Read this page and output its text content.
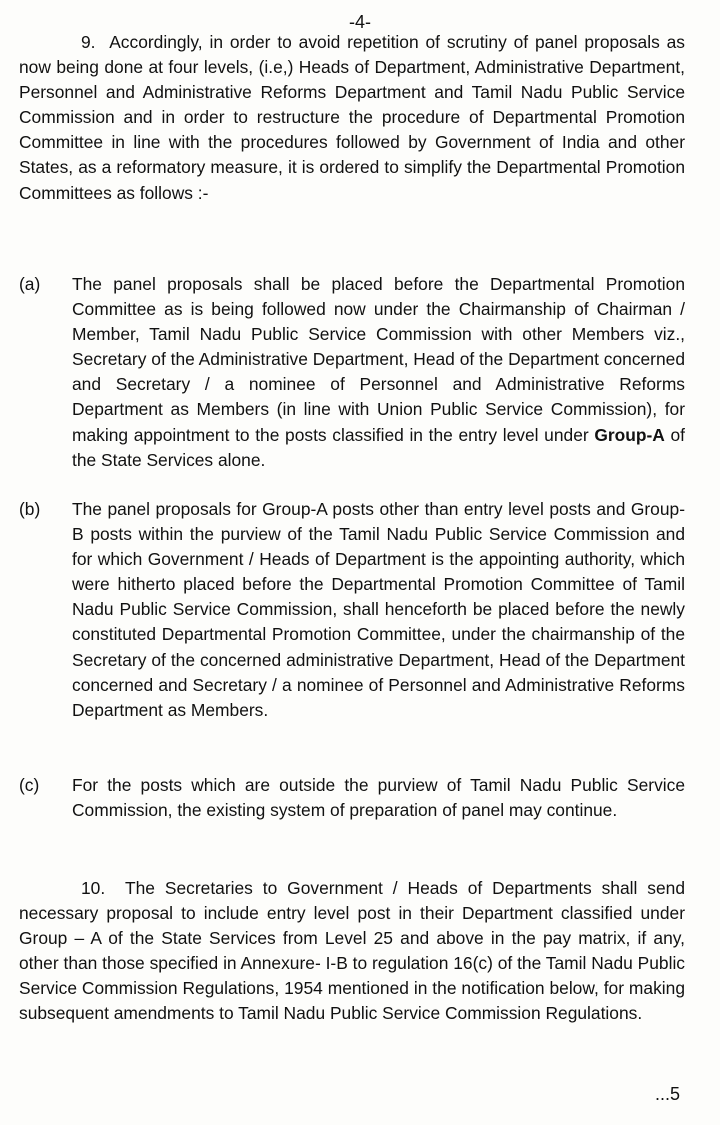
-4-

9.  Accordingly, in order to avoid repetition of scrutiny of panel proposals as now being done at four levels, (i.e,) Heads of Department, Administrative Department, Personnel and Administrative Reforms Department and Tamil Nadu Public Service Commission and in order to restructure the procedure of Departmental Promotion Committee in line with the procedures followed by Government of India and other States, as a reformatory measure, it is ordered to simplify the Departmental Promotion Committees as follows :-

(a)	The panel proposals shall be placed before the Departmental Promotion Committee as is being followed now under the Chairmanship of Chairman / Member, Tamil Nadu Public Service Commission with other Members viz., Secretary of the Administrative Department, Head of the Department concerned and Secretary / a nominee of Personnel and Administrative Reforms Department as Members (in line with Union Public Service Commission), for making appointment to the posts classified in the entry level under Group-A of the State Services alone.

(b)	The panel proposals for Group-A posts other than entry level posts and Group-B posts within the purview of the Tamil Nadu Public Service Commission and for which Government / Heads of Department is the appointing authority, which were hitherto placed before the Departmental Promotion Committee of Tamil Nadu Public Service Commission, shall henceforth be placed before the newly constituted Departmental Promotion Committee, under the chairmanship of the Secretary of the concerned administrative Department, Head of the Department concerned and Secretary / a nominee of Personnel and Administrative Reforms Department as Members.

(c)	For the posts which are outside the purview of Tamil Nadu Public Service Commission, the existing system of preparation of panel may continue.

10.  The Secretaries to Government / Heads of Departments shall send necessary proposal to include entry level post in their Department classified under Group – A of the State Services from Level 25 and above in the pay matrix, if any, other than those specified in Annexure- I-B to regulation 16(c) of the Tamil Nadu Public Service Commission Regulations, 1954 mentioned in the notification below, for making subsequent amendments to Tamil Nadu Public Service Commission Regulations.

...5
